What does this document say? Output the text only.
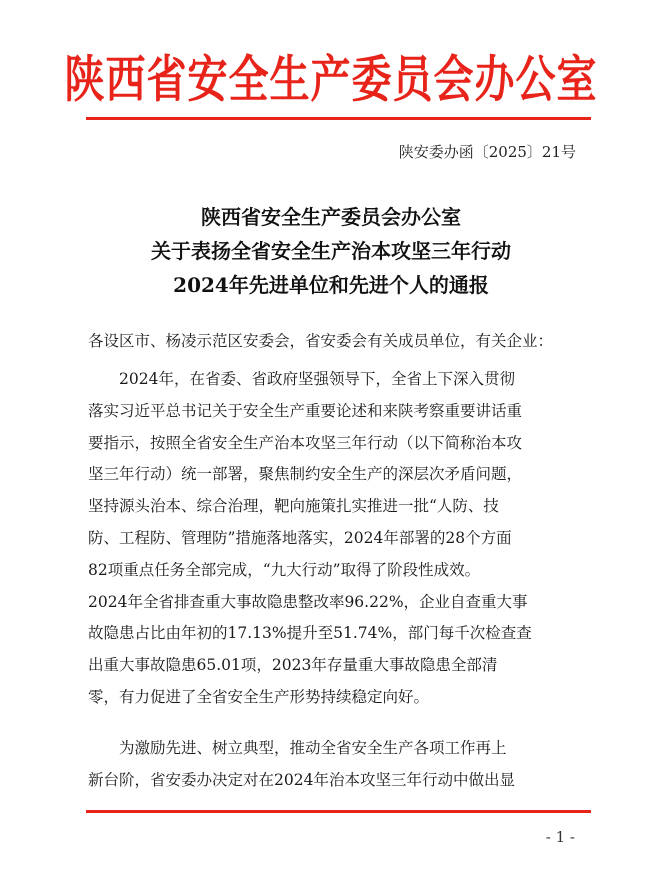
陕西省安全生产委员会办公室
陕安委办函〔2025〕21号
陕西省安全生产委员会办公室
关于表扬全省安全生产治本攻坚三年行动
2024年先进单位和先进个人的通报
各设区市、杨凌示范区安委会，省安委会有关成员单位，有关企业：
2024年，在省委、省政府坚强领导下，全省上下深入贯彻
落实习近平总书记关于安全生产重要论述和来陕考察重要讲话重
要指示，按照全省安全生产治本攻坚三年行动（以下简称治本攻
坚三年行动）统一部署，聚焦制约安全生产的深层次矛盾问题，
坚持源头治本、综合治理，靶向施策扎实推进一批“人防、技
防、工程防、管理防”措施落地落实，2024年部署的28个方面
82项重点任务全部完成，“九大行动”取得了阶段性成效。
2024年全省排查重大事故隐患整改率96.22%，企业自查重大事
故隐患占比由年初的17.13%提升至51.74%，部门每千次检查查
出重大事故隐患65.01项，2023年存量重大事故隐患全部清
零，有力促进了全省安全生产形势持续稳定向好。
为激励先进、树立典型，推动全省安全生产各项工作再上
新台阶，省安委办决定对在2024年治本攻坚三年行动中做出显
- 1 -
